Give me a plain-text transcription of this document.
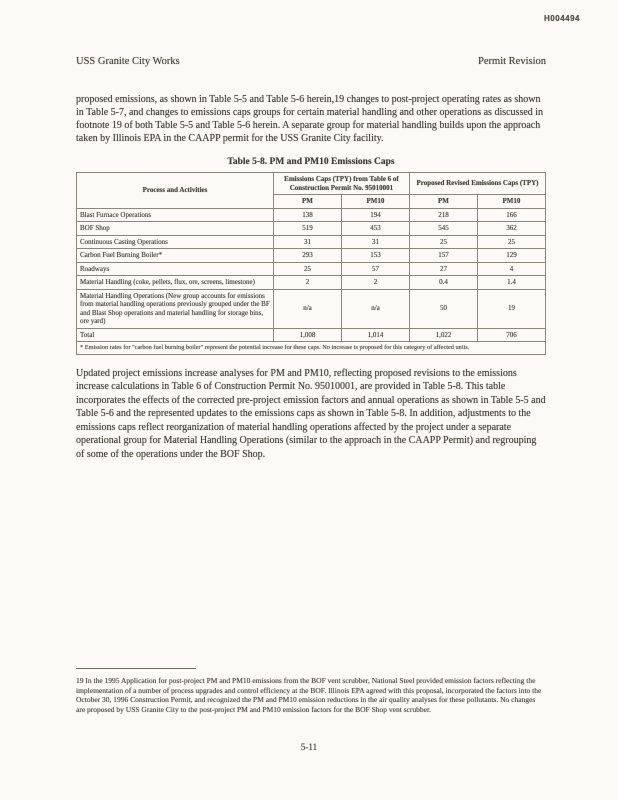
H004494
USS Granite City Works	Permit Revision

proposed emissions, as shown in Table 5-5 and Table 5-6 herein,19 changes to post-project operating rates as shown in Table 5-7, and changes to emissions caps groups for certain material handling and other operations as discussed in footnote 19 of both Table 5-5 and Table 5-6 herein. A separate group for material handling builds upon the approach taken by Illinois EPA in the CAAPP permit for the USS Granite City facility.

Table 5-8. PM and PM10 Emissions Caps
Process and Activities	Emissions Caps (TPY) from Table 6 of Construction Permit No. 95010001		Proposed Revised Emissions Caps (TPY)	
	PM	PM10	PM	PM10
Blast Furnace Operations	138	194	218	166
BOF Shop	519	453	545	362
Continuous Casting Operations	31	31	25	25
Carbon Fuel Burning Boiler*	293	153	157	129
Roadways	25	57	27	4
Material Handling (coke, pellets, flux, ore, screens, limestone)	2	2	0.4	1.4
Material Handling Operations (New group accounts for emissions from material handling operations previously grouped under the BF and Blast Shop operations and material handling for storage bins, ore yard)	n/a	n/a	50	19
Total	1,008	1,014	1,022	706
* Emission rates for "carbon fuel burning boiler" represent the potential increase for these caps. No increase is proposed for this category of affected units.				

Updated project emissions increase analyses for PM and PM10, reflecting proposed revisions to the emissions increase calculations in Table 6 of Construction Permit No. 95010001, are provided in Table 5-8. This table incorporates the effects of the corrected pre-project emission factors and annual operations as shown in Table 5-5 and Table 5-6 and the represented updates to the emissions caps as shown in Table 5-8. In addition, adjustments to the emissions caps reflect reorganization of material handling operations affected by the project under a separate operational group for Material Handling Operations (similar to the approach in the CAAPP Permit) and regrouping of some of the operations under the BOF Shop.

19 In the 1995 Application for post-project PM and PM10 emissions from the BOF vent scrubber, National Steel provided emission factors reflecting the implementation of a number of process upgrades and control efficiency at the BOF. Illinois EPA agreed with this proposal, incorporated the factors into the October 30, 1996 Construction Permit, and recognized the PM and PM10 emission reductions in the air quality analyses for these pollutants. No changes are proposed by USS Granite City to the post-project PM and PM10 emission factors for the BOF Shop vent scrubber.
5-11
